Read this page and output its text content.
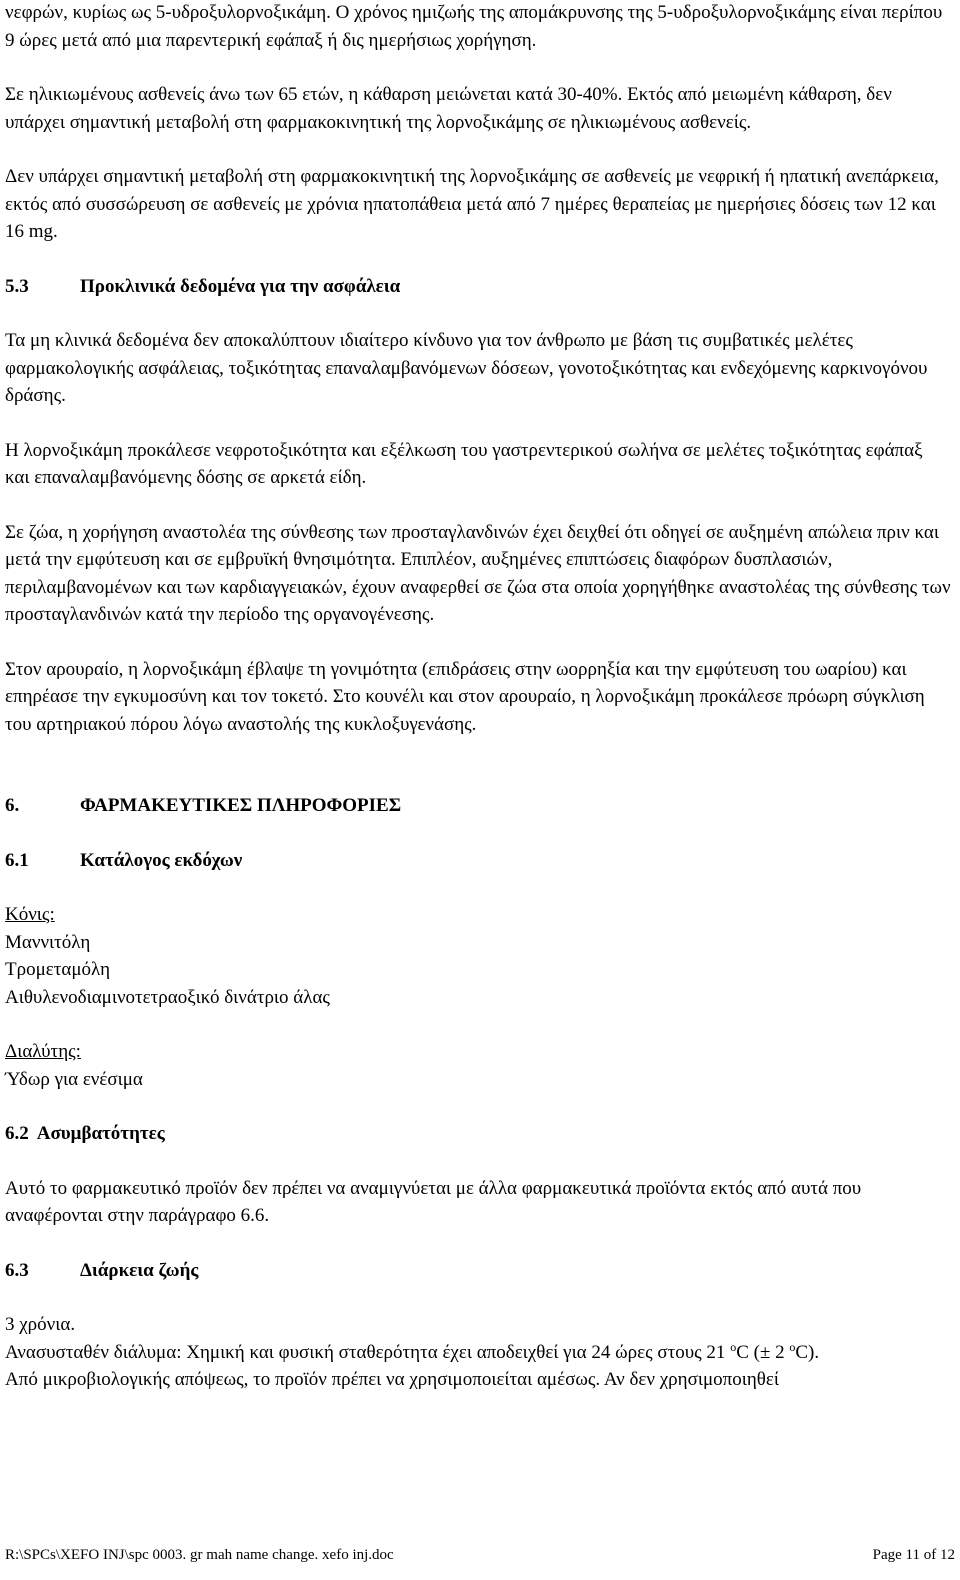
νεφρών, κυρίως ως 5-υδροξυλορνοξικάμη. Ο χρόνος ημιζωής της απομάκρυνσης της 5-υδροξυλορνοξικάμης είναι περίπου 9 ώρες μετά από μια παρεντερική εφάπαξ ή δις ημερήσιως χορήγηση.

Σε ηλικιωμένους ασθενείς άνω των 65 ετών, η κάθαρση μειώνεται κατά 30-40%. Εκτός από μειωμένη κάθαρση, δεν υπάρχει σημαντική μεταβολή στη φαρμακοκινητική της λορνοξικάμης σε ηλικιωμένους ασθενείς.

Δεν υπάρχει σημαντική μεταβολή στη φαρμακοκινητική της λορνοξικάμης σε ασθενείς με νεφρική ή ηπατική ανεπάρκεια, εκτός από συσσώρευση σε ασθενείς με χρόνια ηπατοπάθεια μετά από 7 ημέρες θεραπείας με ημερήσιες δόσεις των 12 και 16 mg.

5.3	Προκλινικά δεδομένα για την ασφάλεια

Τα μη κλινικά δεδομένα δεν αποκαλύπτουν ιδιαίτερο κίνδυνο για τον άνθρωπο με βάση τις συμβατικές μελέτες φαρμακολογικής ασφάλειας, τοξικότητας επαναλαμβανόμενων δόσεων, γονοτοξικότητας και ενδεχόμενης καρκινογόνου δράσης.

Η λορνοξικάμη προκάλεσε νεφροτοξικότητα και εξέλκωση του γαστρεντερικού σωλήνα σε μελέτες τοξικότητας εφάπαξ και επαναλαμβανόμενης δόσης σε αρκετά είδη.

Σε ζώα, η χορήγηση αναστολέα της σύνθεσης των προσταγλανδινών έχει δειχθεί ότι οδηγεί σε αυξημένη απώλεια πριν και μετά την εμφύτευση και σε εμβρυϊκή θνησιμότητα. Επιπλέον, αυξημένες επιπτώσεις διαφόρων δυσπλασιών, περιλαμβανομένων και των καρδιαγγειακών, έχουν αναφερθεί σε ζώα στα οποία χορηγήθηκε αναστολέας της σύνθεσης των προσταγλανδινών κατά την περίοδο της οργανογένεσης.

Στον αρουραίο, η λορνοξικάμη έβλαψε τη γονιμότητα (επιδράσεις στην ωορρηξία και την εμφύτευση του ωαρίου) και επηρέασε την εγκυμοσύνη και τον τοκετό. Στο κουνέλι και στον αρουραίο, η λορνοξικάμη προκάλεσε πρόωρη σύγκλιση του αρτηριακού πόρου λόγω αναστολής της κυκλοξυγενάσης.

6.	ΦΑΡΜΑΚΕΥΤΙΚΕΣ ΠΛΗΡΟΦΟΡΙΕΣ
6.1	Κατάλογος εκδόχων

Κόνις:

Μαννιτόλη

Τρομεταμόλη

Αιθυλενοδιαμινοτετραοξικό δινάτριο άλας

Διαλύτης:

Ύδωρ για ενέσιμα

6.2 Ασυμβατότητες

Αυτό το φαρμακευτικό προϊόν δεν πρέπει να αναμιγνύεται με άλλα φαρμακευτικά προϊόντα εκτός από αυτά που αναφέρονται στην παράγραφο 6.6.

6.3	Διάρκεια ζωής

3 χρόνια.

Ανασυσταθέν διάλυμα: Χημική και φυσική σταθερότητα έχει αποδειχθεί για 24 ώρες στους 21 $^o$C (± 2 $^o$C).

Από μικροβιολογικής απόψεως, το προϊόν πρέπει να χρησιμοποιείται αμέσως. Αν δεν χρησιμοποιηθεί

R:\SPCs\XEFO INJ\spc 0003. gr mah name change. xefo inj.doc	Page 11 of 12
